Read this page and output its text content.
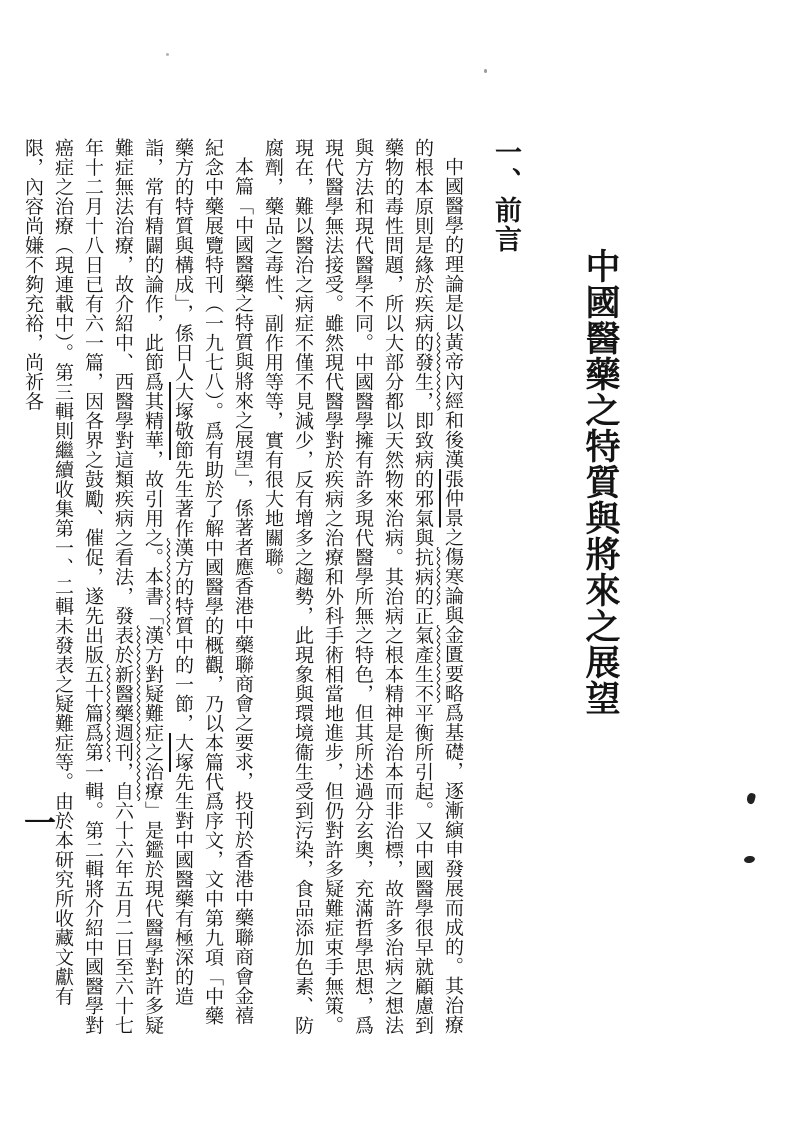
中國醫藥之特質與將來之展望
一、前言

中國醫學的理論是以黃帝內經和後漢張仲景之傷寒論與金匱要略爲基礎，逐漸縯申發展而成的。其治療的根本原則是緣於疾病的發生，即致病的邪氣與抗病的正氣產生不平衡所引起。又中國醫學很早就顧慮到藥物的毒性問題，所以大部分都以天然物來治病。其治病之根本精神是治本而非治標，故許多治病之想法與方法和現代醫學不同。中國醫學擁有許多現代醫學所無之特色，但其所述過分玄奧，充滿哲學思想，爲現代醫學無法接受。雖然現代醫學對於疾病之治療和外科手術相當地進步，但仍對許多疑難症束手無策。現在，難以醫治之病症不僅不見減少，反有增多之趨勢，此現象與環境衞生受到污染，食品添加色素、防腐劑，藥品之毒性、副作用等等，實有很大地關聯。

本篇「中國醫藥之特質與將來之展望」，係著者應香港中藥聯商會之要求，投刊於香港中藥聯商會金禧紀念中藥展覽特刊（一九七八）。爲有助於了解中國醫學的概觀，乃以本篇代爲序文，文中第九項「中藥藥方的特質與構成」，係日人大塚敬節先生著作漢方的特質中的一節，大塚先生對中國醫藥有極深的造詣，常有精闢的論作，此節爲其精華，故引用之。本書「漢方對疑難症之治療」是鑑於現代醫學對許多疑難症無法治療，故介紹中、西醫學對這類疾病之看法，發表於新醫藥週刊，自六十六年五月二日至六十七年十二月十八日已有六一篇，因各界之鼓勵、催促，遂先出版五十篇爲第一輯。第二輯將介紹中國醫學對癌症之治療（現連載中）。第三輯則繼續收集第一、二輯未發表之疑難症等。由於本研究所收藏文獻有限，內容尚嫌不夠充裕，尚祈各

一
